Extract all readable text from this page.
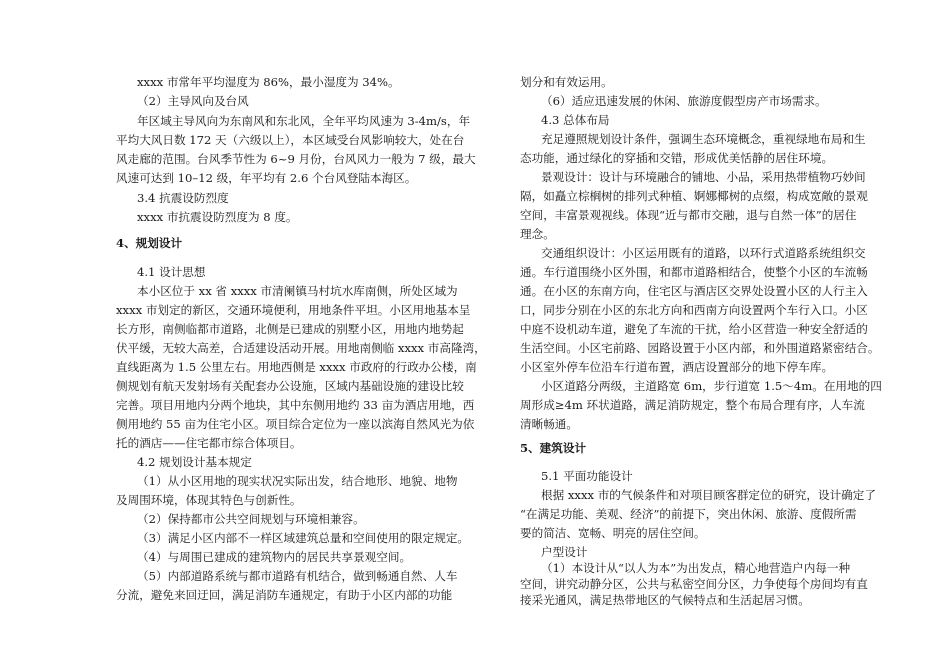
xxxx 市常年平均湿度为 86%，最小湿度为 34%。
（2）主导风向及台风
年区域主导风向为东南风和东北风，全年平均风速为 3-4m/s，年
平均大风日数 172 天（六级以上），本区域受台风影响较大，处在台
风走廊的范围。台风季节性为 6~9 月份，台风风力一般为 7 级，最大
风速可达到 10–12 级，年平均有 2.6 个台风登陆本海区。
3.4 抗震设防烈度
xxxx 市抗震设防烈度为 8 度。
4、规划设计
4.1 设计思想
本小区位于 xx 省 xxxx 市清阑镇马村坑水库南侧，所处区域为
xxxx 市划定的新区，交通环境便利，用地条件平坦。小区用地基本呈
长方形，南侧临都市道路，北侧是已建成的别墅小区，用地内地势起
伏平缓，无较大高差，合适建设活动开展。用地南侧临 xxxx 市高隆湾，
直线距离为 1.5 公里左右。用地西侧是 xxxx 市政府的行政办公楼，南
侧规划有航天发射场有关配套办公设施，区域内基础设施的建设比较
完善。项目用地内分两个地块，其中东侧用地约 33 亩为酒店用地，西
侧用地约 55 亩为住宅小区。项目综合定位为一座以滨海自然风光为依
托的酒店——住宅都市综合体项目。
4.2 规划设计基本规定
（1）从小区用地的现实状况实际出发，结合地形、地貌、地物
及周围环境，体现其特色与创新性。
（2）保持都市公共空间规划与环境相兼容。
（3）满足小区内部不一样区域建筑总量和空间使用的限定规定。
（4）与周围已建成的建筑物内的居民共享景观空间。
（5）内部道路系统与都市道路有机结合，做到畅通自然、人车
分流，避免来回迂回，满足消防车通规定，有助于小区内部的功能
划分和有效运用。
（6）适应迅速发展的休闲、旅游度假型房产市场需求。
4.3 总体布局
充足遵照规划设计条件，强调生态环境概念，重视绿地布局和生
态功能，通过绿化的穿插和交错，形成优美恬静的居住环境。
景观设计：设计与环境融合的铺地、小品，采用热带植物巧妙间
隔，如矗立棕榈树的排列式种植、婀娜椰树的点缀，构成宽敞的景观
空间，丰富景观视线。体现“近与都市交融，退与自然一体”的居住
理念。
交通组织设计：小区运用既有的道路，以环行式道路系统组织交
通。车行道围绕小区外围，和都市道路相结合，使整个小区的车流畅
通。在小区的东南方向，住宅区与酒店区交界处设置小区的人行主入
口，同步分别在小区的东北方向和西南方向设置两个车行入口。小区
中庭不设机动车道，避免了车流的干扰，给小区营造一种安全舒适的
生活空间。小区宅前路、园路设置于小区内部，和外围道路紧密结合。
小区室外停车位沿车行道布置，酒店设置部分的地下停车库。
小区道路分两级，主道路宽 6m，步行道宽 1.5～4m。在用地的四
周形成≥4m 环状道路，满足消防规定，整个布局合理有序，人车流
清晰畅通。
5、建筑设计
5.1 平面功能设计
根据 xxxx 市的气候条件和对项目顾客群定位的研究，设计确定了
“在满足功能、美观、经济”的前提下，突出休闲、旅游、度假所需
要的简洁、宽畅、明亮的居住空间。
户型设计
（1）本设计从“以人为本”为出发点，精心地营造户内每一种
空间，讲究动静分区，公共与私密空间分区，力争使每个房间均有直
接采光通风，满足热带地区的气候特点和生活起居习惯。
